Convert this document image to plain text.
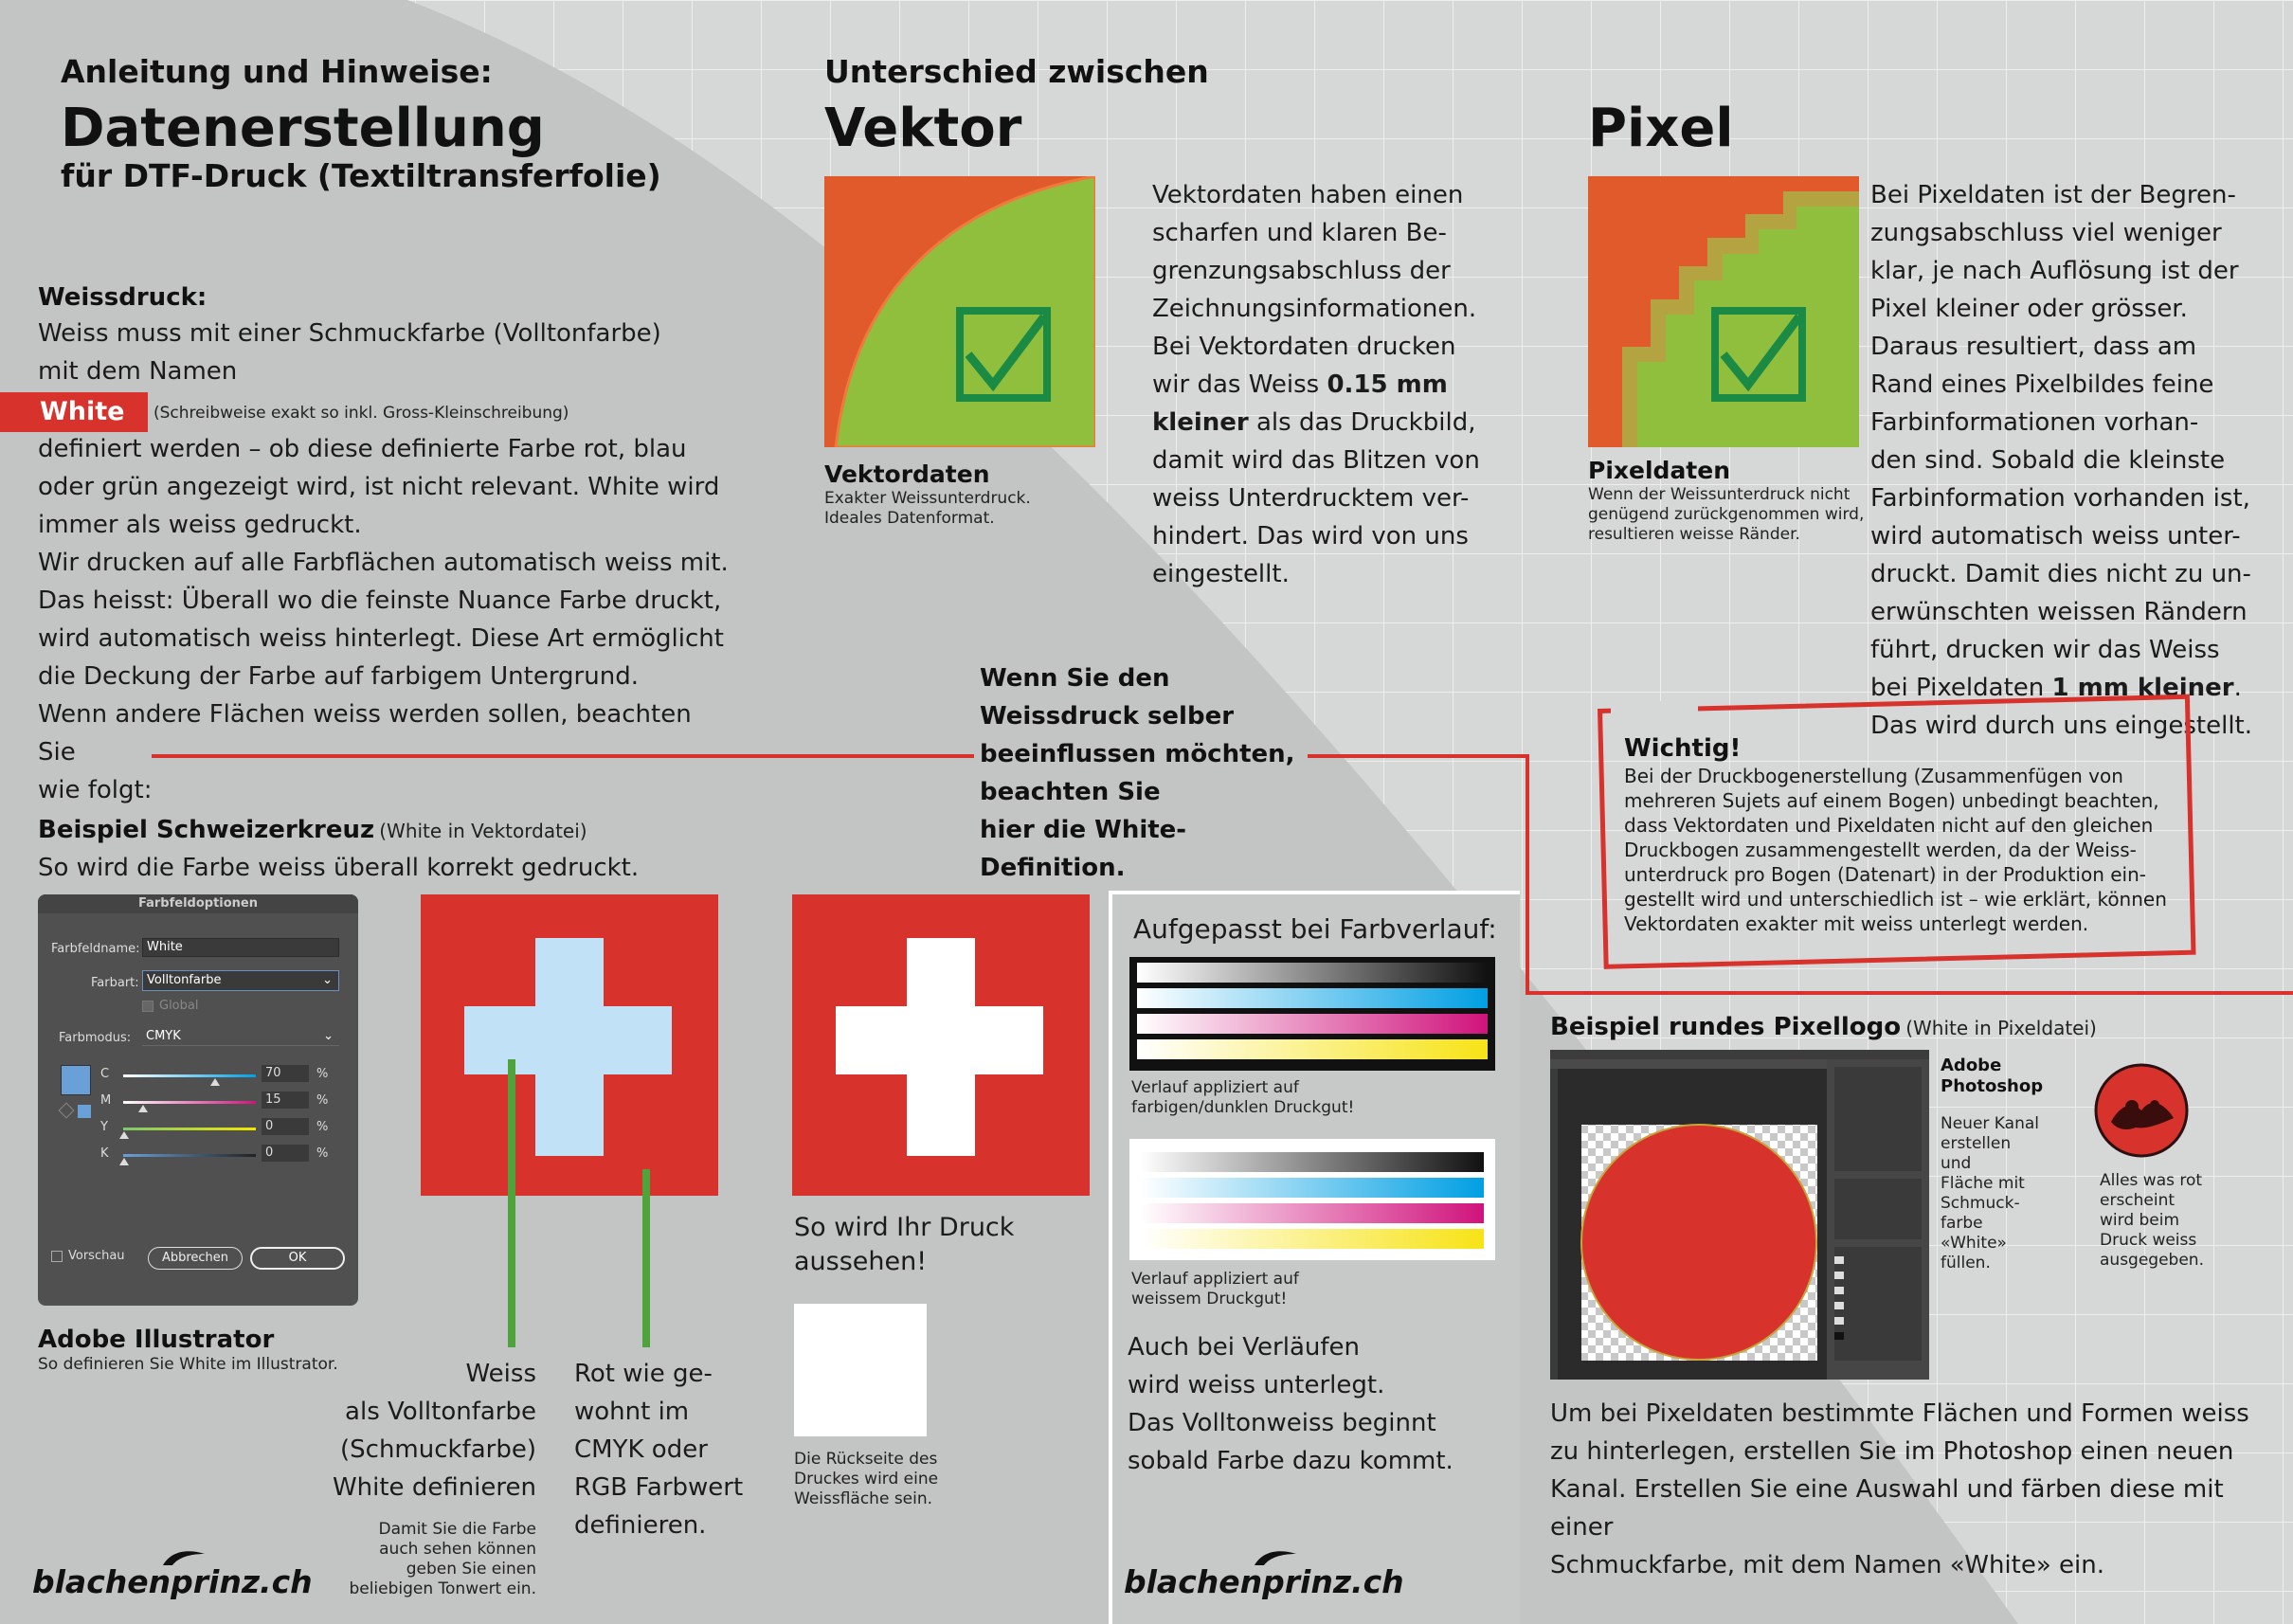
Anleitung und Hinweise:
Datenerstellung
für DTF-Druck (Textiltransferfolie)
Weissdruck:
Weiss muss mit einer Schmuckfarbe (Volltonfarbe)
mit dem Namen
White (Schreibweise exakt so inkl. Gross-Kleinschreibung)
definiert werden – ob diese definierte Farbe rot, blau
oder grün angezeigt wird, ist nicht relevant. White wird
immer als weiss gedruckt.
Wir drucken auf alle Farbflächen automatisch weiss mit.
Das heisst: Überall wo die feinste Nuance Farbe druckt,
wird automatisch weiss hinterlegt. Diese Art ermöglicht
die Deckung der Farbe auf farbigem Untergrund.
Wenn andere Flächen weiss werden sollen, beachten Sie
wie folgt:
Wenn Sie den Weissdruck selber
beeinflussen möchten, beachten Sie
hier die White-Definition.
Unterschied zwischen
Vektor	Pixel
Vektordaten
Exakter Weissunterdruck.
Ideales Datenformat.
Vektordaten haben einen
scharfen und klaren Be-
grenzungsabschluss der
Zeichnungsinformationen.
Bei Vektordaten drucken
wir das Weiss 0.15 mm
kleiner als das Druckbild,
damit wird das Blitzen von
weiss Unterdrucktem ver-
hindert. Das wird von uns
eingestellt.
Pixeldaten
Wenn der Weissunterdruck nicht
genügend zurückgenommen wird,
resultieren weisse Ränder.
Bei Pixeldaten ist der Begren-
zungsabschluss viel weniger
klar, je nach Auflösung ist der
Pixel kleiner oder grösser.
Daraus resultiert, dass am
Rand eines Pixelbildes feine
Farbinformationen vorhan-
den sind. Sobald die kleinste
Farbinformation vorhanden ist,
wird automatisch weiss unter-
druckt. Damit dies nicht zu un-
erwünschten weissen Rändern
führt, drucken wir das Weiss
bei Pixeldaten 1 mm kleiner.
Das wird durch uns eingestellt.
Wichtig!
Bei der Druckbogenerstellung (Zusammenfügen von
mehreren Sujets auf einem Bogen) unbedingt beachten,
dass Vektordaten und Pixeldaten nicht auf den gleichen
Druckbogen zusammengestellt werden, da der Weiss-
unterdruck pro Bogen (Datenart) in der Produktion ein-
gestellt wird und unterschiedlich ist – wie erklärt, können
Vektordaten exakter mit weiss unterlegt werden.
Beispiel Schweizerkreuz (White in Vektordatei)
So wird die Farbe weiss überall korrekt gedruckt.
Farbfeldoptionen
Farbfeldname: White
Farbart: Volltonfarbe	⌄
Global
Farbmodus:	CMYK	⌄
C	70	%
M	15	%
Y	0	%
K	0	%
Vorschau	Abbrechen	OK
Adobe Illustrator
So definieren Sie White im Illustrator.	Weiss
als Volltonfarbe
(Schmuckfarbe)
White definieren
Damit Sie die Farbe
auch sehen können
geben Sie einen
beliebigen Tonwert ein.
Rot wie ge-
wohnt im
CMYK oder
RGB Farbwert
definieren.
So wird Ihr Druck
aussehen!
Die Rückseite des
Druckes wird eine
Weissfläche sein.
Aufgepasst bei Farbverlauf:
Verlauf appliziert auf
farbigen/dunklen Druckgut!
Verlauf appliziert auf
weissem Druckgut!
Auch bei Verläufen
wird weiss unterlegt.
Das Volltonweiss beginnt
sobald Farbe dazu kommt.
Beispiel rundes Pixellogo (White in Pixeldatei)
Adobe
Photoshop
Neuer Kanal
erstellen und
Fläche mit
Schmuck-
farbe «White»
füllen.
Alles was rot
erscheint
wird beim
Druck weiss
ausgegeben.
Um bei Pixeldaten bestimmte Flächen und Formen weiss
zu hinterlegen, erstellen Sie im Photoshop einen neuen
Kanal. Erstellen Sie eine Auswahl und färben diese mit einer
Schmuckfarbe, mit dem Namen «White» ein.
blachenprinz.ch	blachenprinz.ch
